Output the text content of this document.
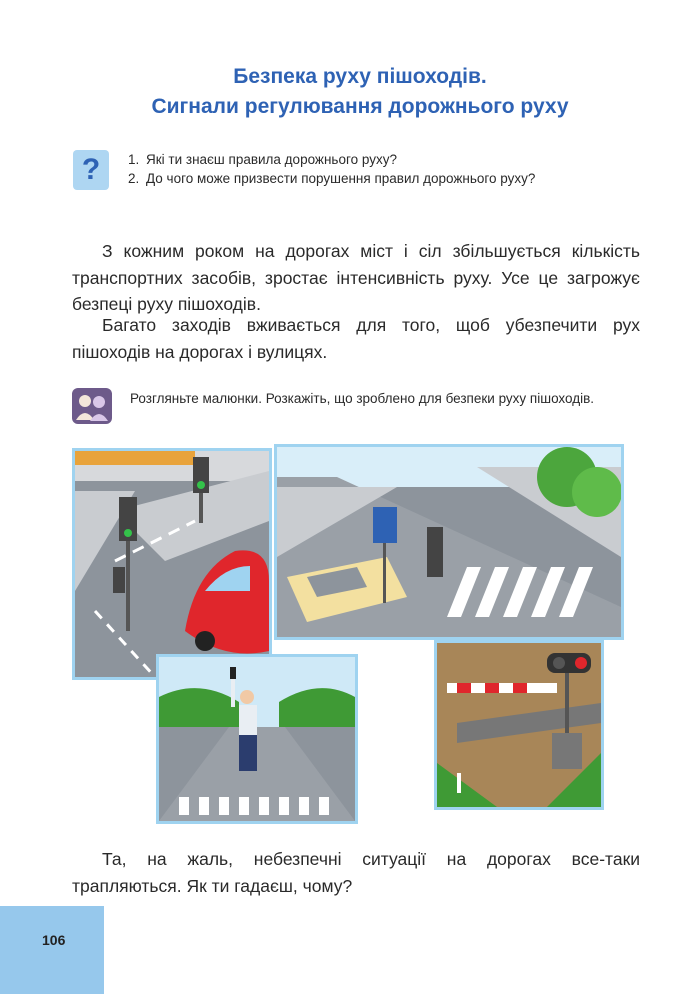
Безпека руху пішоходів.
Сигнали регулювання дорожнього руху
?	1. Які ти знаєш правила дорожнього руху?
2. До чого може призвести порушення правил дорожнього руху?
З кожним роком на дорогах міст і сіл збільшується кількість транспортних засобів, зростає інтенсивність руху. Усе це загрожує безпеці руху пішоходів.
Багато заходів вживається для того, щоб убезпечити рух пішоходів на дорогах і вулицях.
Розгляньте малюнки. Розкажіть, що зроблено для безпеки руху пішоходів.
Та, на жаль, небезпечні ситуації на дорогах все-таки трапляються. Як ти гадаєш, чому?
106
